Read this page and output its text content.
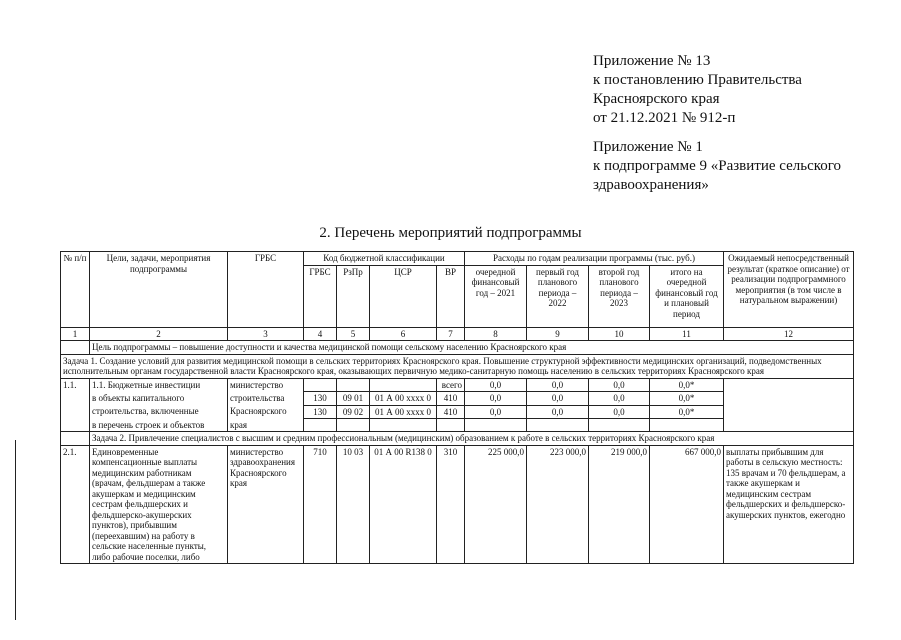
Приложение № 13
к постановлению Правительства
Красноярского края
от 21.12.2021 № 912-п
Приложение № 1
к подпрограмме 9 «Развитие сельского
здравоохранения»
2. Перечень мероприятий подпрограммы
№ п/п	Цели, задачи, мероприятия подпрограммы	ГРБС	Код бюджетной классификации				Расходы по годам реализации программы (тыс. руб.)				Ожидаемый непосредственный результат (краткое описание) от реализации подпрограммного мероприятия (в том числе в натуральном выражении)
			ГРБС	РзПр	ЦСР	ВР	очередной финансовый год – 2021	первый год планового периода – 2022	второй год планового периода – 2023	итого на очередной финансовый год и плановый период	
1	2	3	4	5	6	7	8	9	10	11	12
	Цель подпрограммы – повышение доступности и качества медицинской помощи сельскому населению Красноярского края										
Задача 1. Создание условий для развития медицинской помощи в сельских территориях Красноярского края. Повышение структурной эффективности медицинских организаций, подведомственных исполнительным органам государственной власти Красноярского края, оказывающих первичную медико-санитарную помощь населению в сельских территориях Красноярского края											
1.1.	1.1. Бюджетные инвестиции	министерство				всего	0,0	0,0	0,0	0,0*	
	в объекты капитального	строительства	130	09 01	01 А 00 хххх 0	410	0,0	0,0	0,0	0,0*	
	строительства, включенные	Красноярского	130	09 02	01 А 00 хххх 0	410	0,0	0,0	0,0	0,0*	
	в перечень строек и объектов	края									
	Задача 2. Привлечение специалистов с высшим и средним профессиональным (медицинским) образованием к работе в сельских территориях Красноярского края										
2.1.	Единовременные компенсационные выплаты медицинским работникам (врачам, фельдшерам а также акушеркам и медицинским сестрам фельдшерских и фельдшерско-акушерских пунктов), прибывшим (переехавшим) на работу в сельские населенные пункты, либо рабочие поселки, либо	министерство здравоохранения Красноярского края	710	10 03	01 А 00 R138 0	310	225 000,0	223 000,0	219 000,0	667 000,0	выплаты прибывшим для работы в сельскую местность: 135 врачам и 70 фельдшерам, а также акушеркам и медицинским сестрам фельдшерских и фельдшерско-акушерских пунктов, ежегодно
